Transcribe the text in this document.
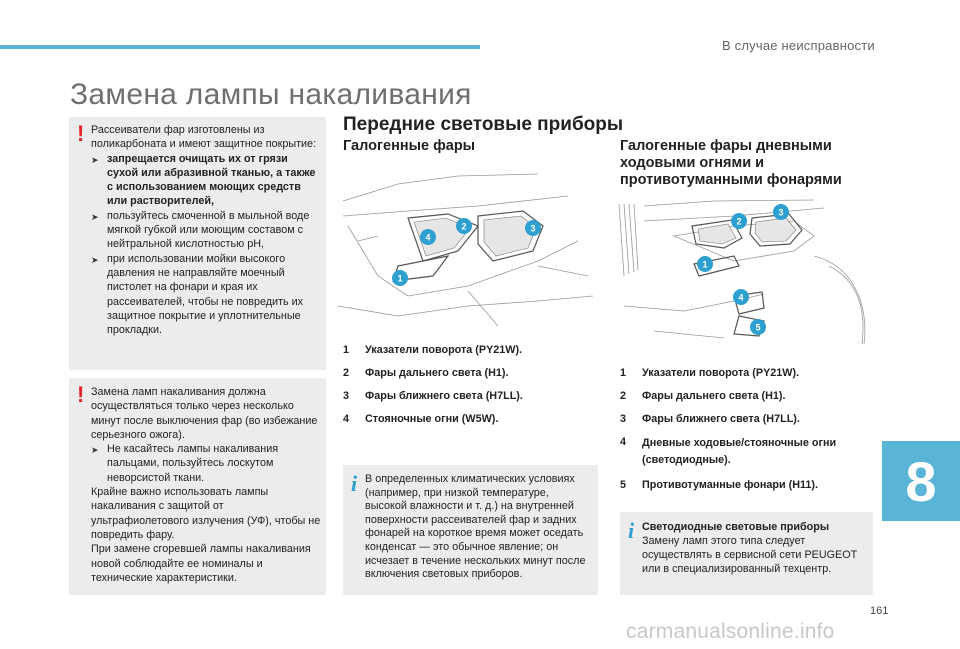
В случае неисправности
Замена лампы накаливания
! Рассеиватели фар изготовлены из поликарбоната и имеют защитное покрытие:

➤ запрещается очищать их от грязи сухой или абразивной тканью, а также с использованием моющих средств или растворителей,
➤ пользуйтесь смоченной в мыльной воде мягкой губкой или моющим составом с нейтральной кислотностью рН,
➤ при использовании мойки высокого давления не направляйте моечный пистолет на фонари и края их рассеивателей, чтобы не повредить их защитное покрытие и уплотнительные прокладки.
! Замена ламп накаливания должна осуществляться только через несколько минут после выключения фар (во избежание серьезного ожога).

➤ Не касайтесь лампы накаливания пальцами, пользуйтесь лоскутом неворсистой ткани.

Крайне важно использовать лампы накаливания с защитой от ультрафиолетового излучения (УФ), чтобы не повредить фару.

При замене сгоревшей лампы накаливания новой соблюдайте ее номиналы и технические характеристики.

Передние световые приборы
Галогенные фары
2	3
4
1
1	Указатели поворота (PY21W).
2	Фары дальнего света (H1).
3	Фары ближнего света (H7LL).
4	Стояночные огни (W5W).
i В определенных климатических условиях (например, при низкой температуре, высокой влажности и т. д.) на внутренней поверхности рассеивателей фар и задних фонарей на короткое время может оседать конденсат — это обычное явление; он исчезает в течение нескольких минут после включения световых приборов.

Галогенные фары дневными
ходовыми огнями и
противотуманными фонарями
2
3
1
4
5
1	Указатели поворота (PY21W).
2	Фары дальнего света (H1).
3	Фары ближнего света (H7LL).
4	Дневные ходовые/стояночные огни (светодиодные).
5	Противотуманные фонари (H11).
i Светодиодные световые приборы

Замену ламп этого типа следует осуществлять в сервисной сети PEUGEOT или в специализированный техцентр.

8
161
carmanualsonline.info
